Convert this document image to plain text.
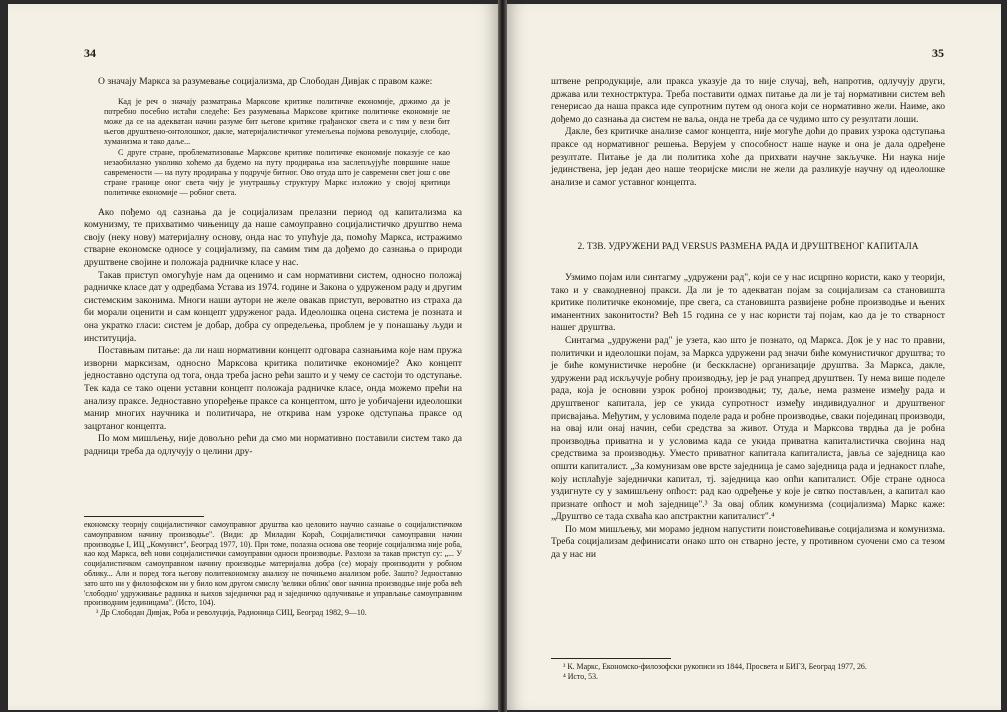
34

О значају Маркса за разумевање социјализма, др Слободан Дивјак с правом каже:

Кад је реч о значају разматрања Марксове критике политичке економије, држимо да је потребно посебно истаћи следеће: Без разумевања Марксове критике политичке економије не може да се на адекватан начин разуме бит његове критике грађанског света и с тим у вези бит његов друштвено-онтолошког, дакле, материјалистичког утемељења појмова револуције, слободе, хуманизма и тако даље...

С друге стране, проблематизовање Марксове критике политичке економије показује се као незаобилазно уколико хоћемо да будемо на путу продирања иза заслепљујуће површине наше савремености — на путу продирања у подручје битног. Ово отуда што је савремени свет још с ове стране границе оног света чију је унутрашњу структуру Маркс изложио у својој критици политичке економије — робног света.

Ако пођемо од сазнања да је социјализам прелазни период од капитализма ка комунизму, те прихватимо чињеницу да наше самоуправно социјалистичко друштво нема своју (неку нову) материјалну основу, онда нас то упућује да, помоћу Маркса, истражимо стварне економске односе у социјализму, па самим тим да дођемо до сазнања о природи друштвене својине и положаја радничке класе у нас.

Такав приступ омогућује нам да оценимо и сам нормативни систем, односно положај радничке класе дат у одредбама Устава из 1974. године и Закона о удруженом раду и другим системским законима. Многи наши аутори не желе овакав приступ, вероватно из страха да би морали оценити и сам концепт удруженог рада. Идеолошка оцена система је позната и она укратко гласи: систем је добар, добра су опредељења, проблем је у понашању људи и институција.

Поставњам питање: да ли наш нормативни концепт одговара сазнањима које нам пружа изворни марксизам, односно Марксова критика политичке економије? Ако концепт једноставно одступа од тога, онда треба јасно рећи зашто и у чему се састоји то одступање. Тек када се тако оцени уставни концепт положаја радничке класе, онда можемо прећи на анализу праксе. Једноставно упоређење праксе са концептом, што је уобичајени идеолошки манир многих научника и политичара, не открива нам узроке одступања праксе од зацртаног концепта.

По мом мишљењу, није довољно рећи да смо ми нормативно поставили систем тако да радници треба да одлучују о целини дру-

економску теорију социјалистичког самоуправног друштва као целовито научно сазнање о социјалистичком самоуправном начину производње". (Види: др Миладин Кораћ, Социјалистички самоуправни начин производње I, ИЦ „Комунист", Београд 1977, 10). При томе, полазна основа ове теорије социјализма није роба, као код Маркса, већ нови социјалистички самоуправни односи производње. Разлози за такав приступ су: „... У социјалистичком самоуправном начину производње материјална добра (се) морају производити у робном облику... Али и поред тога његову политекономску анализу не почињемо анализом робе. Зашто? Једноставно зато што ни у филозофском ни у било ком другом смислу 'велики облик' овог начина производње није роба већ 'слободно' удруживање радника и њихов заједнички рад и заједничко одлучивање и управљање самоуправним производним јединицама". (Исто, 104).

³ Др Слободан Дивјак, Роба и револуција, Радионица СИЦ, Београд 1982, 9—10.

35

штвене репродукције, али пракса указује да то није случај, већ, напротив, одлучују други, држава или технострктура. Треба поставити одмах питање да ли је тај нормативни систем већ генерисао да наша пракса иде супротним путем од онога који се нормативно жели. Наиме, ако дођемо до сазнања да систем не ваља, онда не треба да се чудимо што су резултати лоши.

Дакле, без критичке анализе самог концепта, није могуће доћи до правих узрока одступања праксе од нормативног решења. Верујем у способност наше науке и она је дала одређене резултате. Питање је да ли политика хоће да прихвати научне закључке. Ни наука није јединствена, јер један део наше теоријске мисли не жели да разликује научну од идеолошке анализе и самог уставног концепта.

2. ТЗВ. УДРУЖЕНИ РАД VERSUS РАЗМЕНА РАДА И ДРУШТВЕНОГ КАПИТАЛА

Узмимо појам или синтагму „удружени рад", који се у нас исцрпно користи, како у теорији, тако и у свакодневној пракси. Да ли је то адекватан појам за социјализам са становишта критике политичке економије, пре свега, са становишта развијене робне производње и њених иманентних законитости? Већ 15 година се у нас користи тај појам, као да је то стварност нашег друштва.

Синтагма „удружени рад" је узета, као што је познато, од Маркса. Док је у нас то правни, политички и идеолошки појам, за Маркса удружени рад значи биће комунистичког друштва; то је биће комунистичке неробне (и бесккласне) организације друштва. За Маркса, дакле, удружени рад искључује робну производњу, јер је рад унапред друштвен. Ту нема више поделе рада, која је основни узрок робној производњи; ту, даље, нема размене између рада и друштвеног капитала, јер се укида супротност између индивидуалног и друштвеног присвајања. Међутим, у условима поделе рада и робне производње, сваки појединац производи, на овај или онај начин, себи средства за живот. Отуда и Марксова тврдња да је робна производња приватна и у условима када се укида приватна капиталистичка својина над средствима за производњу. Уместо приватног капитала капиталиста, јавља се заједница као општи капиталист. „За комунизам ове врсте заједница је само заједница рада и једнакост плаће, коју исплаћује заједнички капитал, тј. заједница као опћи капиталист. Обје стране односа уздигнуте су у замишљену опћост: рад као одређење у које је свтко постављен, а капитал као признате опћост и моћ заједнице".³ За овај облик комунизма (социјализма) Маркс каже: „Друштво се тада схваћа као апстрактни капиталист".⁴

По мом мишљењу, ми морамо једном напустити поистовећивање социјализма и комунизма. Треба социјализам дефинисати онако што он стварно јесте, у противном суочени смо са тезом да у нас ни

³ К. Маркс, Економско-филозофски рукописи из 1844, Просвета и БИГЗ, Београд 1977, 26.

⁴ Исто, 53.
